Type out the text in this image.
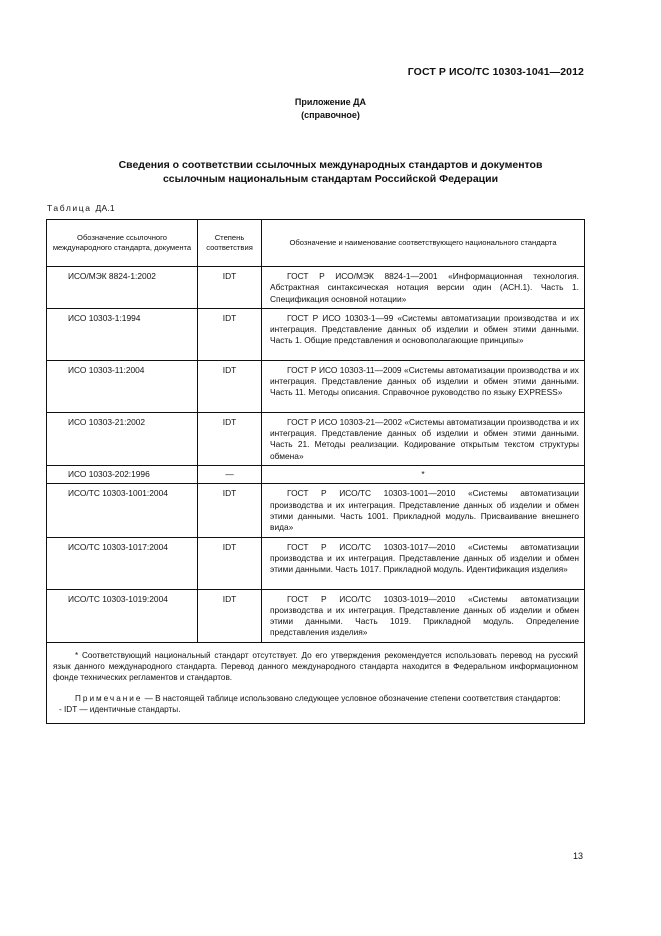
ГОСТ Р ИСО/ТС 10303-1041—2012
Приложение ДА
(справочное)
Сведения о соответствии ссылочных международных стандартов и документов
ссылочным национальным стандартам Российской Федерации
Таблица ДА.1
Обозначение ссылочного международного стандарта, документа	Степень соответствия	Обозначение и наименование соответствующего национального стандарта
ИСО/МЭК 8824-1:2002	IDT	ГОСТ Р ИСО/МЭК 8824-1—2001 «Информационная технология. Абстрактная синтаксическая нотация версии один (АСН.1). Часть 1. Спецификация основной нотации»

ИСО 10303-1:1994	IDT	ГОСТ Р ИСО 10303-1—99 «Системы автоматизации производства и их интеграция. Представление данных об изделии и обмен этими данными. Часть 1. Общие представления и основополагающие принципы»

ИСО 10303-11:2004	IDT	ГОСТ Р ИСО 10303-11—2009 «Системы автоматизации производства и их интеграция. Представление данных об изделии и обмен этими данными. Часть 11. Методы описания. Справочное руководство по языку EXPRESS»

ИСО 10303-21:2002	IDT	ГОСТ Р ИСО 10303-21—2002 «Системы автоматизации производства и их интеграция. Представление данных об изделии и обмен этими данными. Часть 21. Методы реализации. Кодирование открытым текстом структуры обмена»

ИСО 10303-202:1996	—	*

ИСО/ТС 10303-1001:2004	IDT	ГОСТ Р ИСО/ТС 10303-1001—2010 «Системы автоматизации производства и их интеграция. Представление данных об изделии и обмен этими данными. Часть 1001. Прикладной модуль. Присваивание внешнего вида»

ИСО/ТС 10303-1017:2004	IDT	ГОСТ Р ИСО/ТС 10303-1017—2010 «Системы автоматизации производства и их интеграция. Представление данных об изделии и обмен этими данными. Часть 1017. Прикладной модуль. Идентификация изделия»

ИСО/ТС 10303-1019:2004	IDT	ГОСТ Р ИСО/ТС 10303-1019—2010 «Системы автоматизации производства и их интеграция. Представление данных об изделии и обмен этими данными. Часть 1019. Прикладной модуль. Определение представления изделия»

* Соответствующий национальный стандарт отсутствует. До его утверждения рекомендуется использовать перевод на русский язык данного международного стандарта. Перевод данного международного стандарта находится в Федеральном информационном фонде технических регламентов и стандартов.

Примечание — В настоящей таблице использовано следующее условное обозначение степени соответствия стандартов:

- IDT — идентичные стандарты.		

13
